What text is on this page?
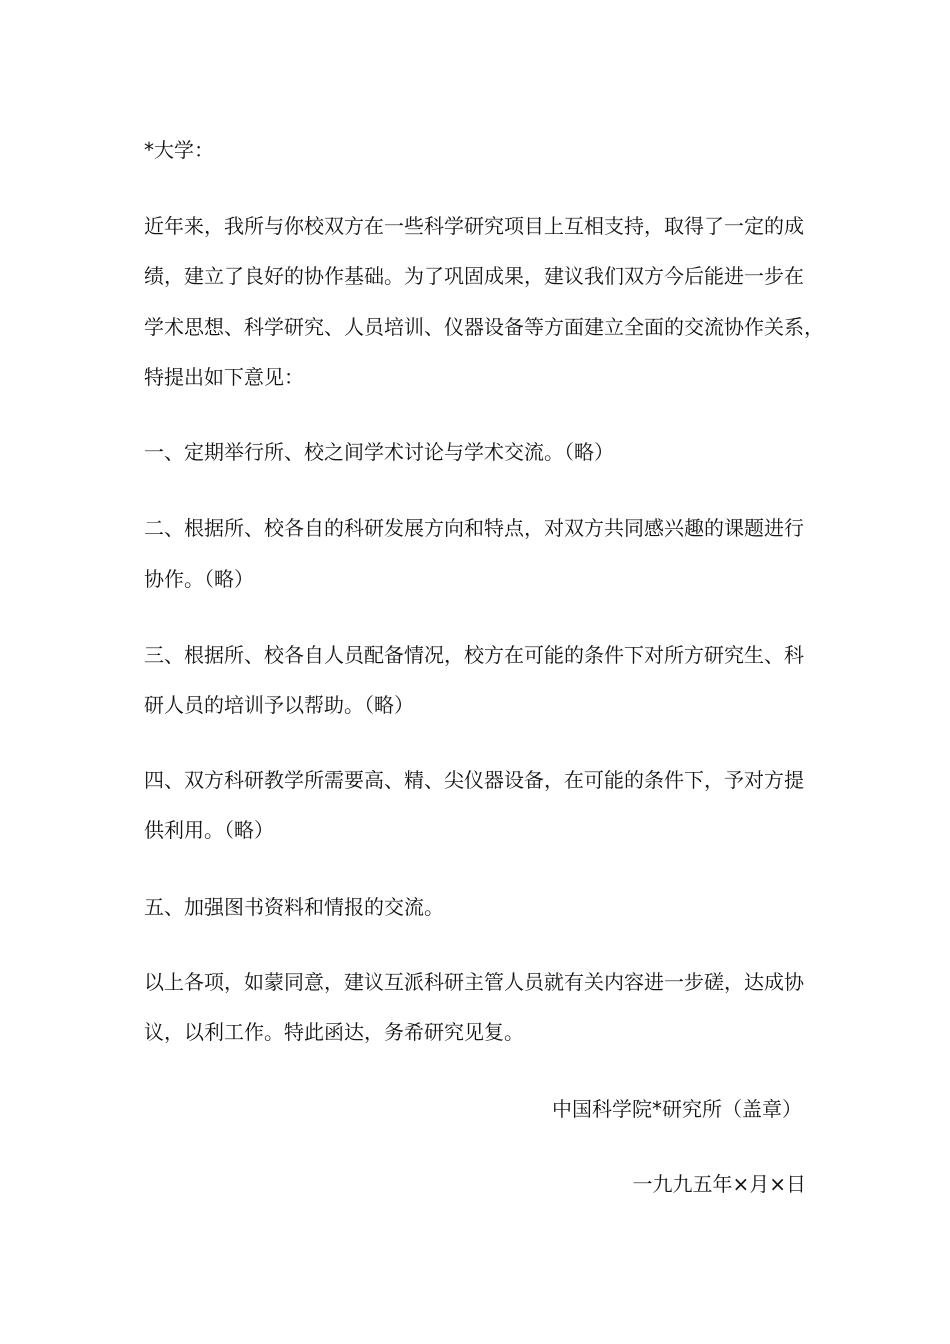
*大学：
近年来，我所与你校双方在一些科学研究项目上互相支持，取得了一定的成
绩，建立了良好的协作基础。为了巩固成果，建议我们双方今后能进一步在
学术思想、科学研究、人员培训、仪器设备等方面建立全面的交流协作关系，
特提出如下意见：
一、定期举行所、校之间学术讨论与学术交流。（略）
二、根据所、校各自的科研发展方向和特点，对双方共同感兴趣的课题进行
协作。（略）
三、根据所、校各自人员配备情况，校方在可能的条件下对所方研究生、科
研人员的培训予以帮助。（略）
四、双方科研教学所需要高、精、尖仪器设备，在可能的条件下，予对方提
供利用。（略）
五、加强图书资料和情报的交流。
以上各项，如蒙同意，建议互派科研主管人员就有关内容进一步磋，达成协
议，以利工作。特此函达，务希研究见复。
中国科学院*研究所（盖章）
一九九五年×月×日
